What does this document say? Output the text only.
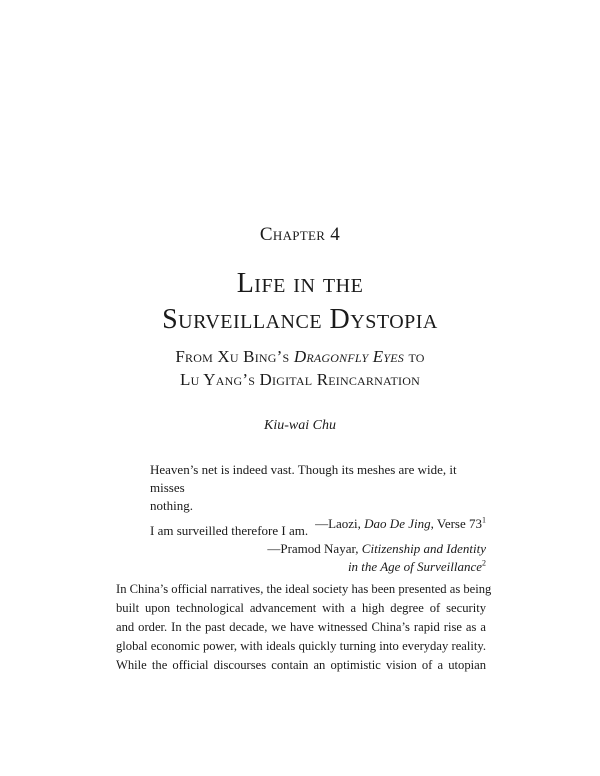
Chapter 4
Life in the
Surveillance Dystopia
From Xu Bing’s Dragonfly Eyes to
Lu Yang’s Digital Reincarnation
Kiu-wai Chu
Heaven’s net is indeed vast. Though its meshes are wide, it misses
nothing.
—Laozi, Dao De Jing, Verse $73^1$
I am surveilled therefore I am.
—Pramod Nayar, Citizenship and Identity
in the Age of Surveillance$^2$
In China’s official narratives, the ideal society has been presented as being
built upon technological advancement with a high degree of security
and order. In the past decade, we have witnessed China’s rapid rise as a
global economic power, with ideals quickly turning into everyday reality.
While the official discourses contain an optimistic vision of a utopian
